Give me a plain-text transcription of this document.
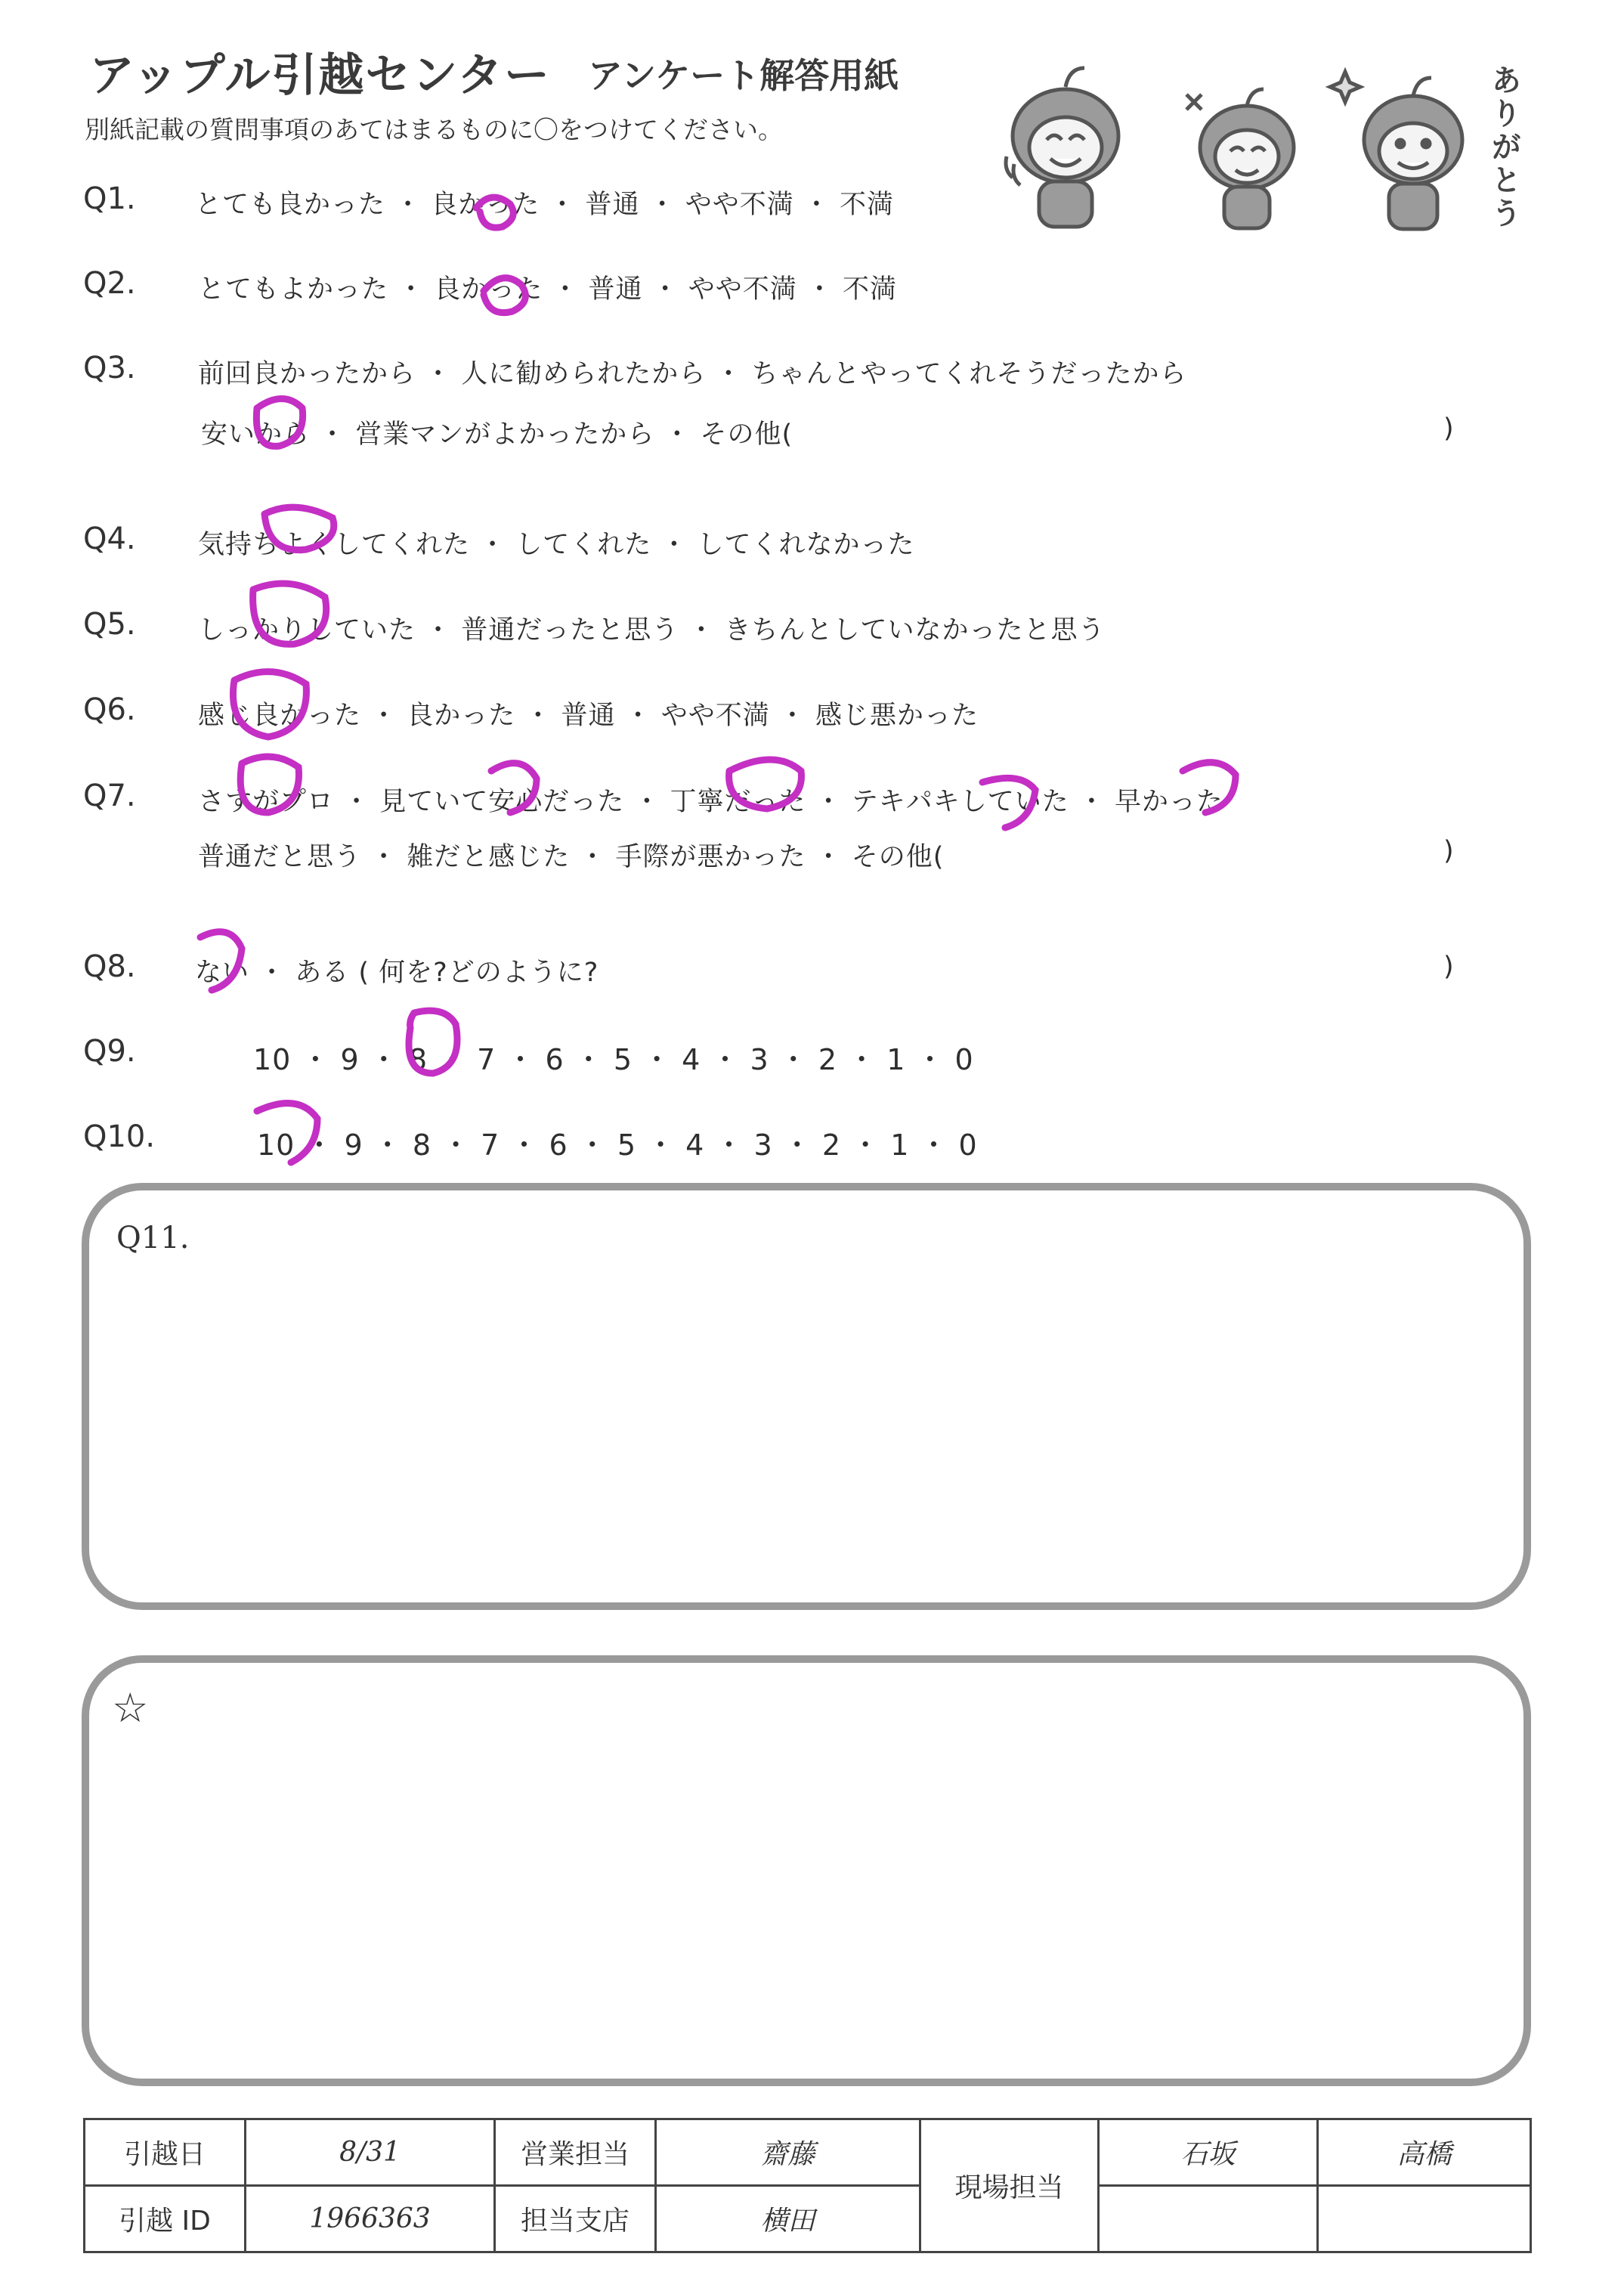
アップル引越センター アンケート解答用紙
別紙記載の質問事項のあてはまるものに〇をつけてください。	ありがとう
Q1. とても良かった ・ 良かった ・ 普通 ・ やや不満 ・ 不満
Q2. とてもよかった ・ 良かった ・ 普通 ・ やや不満 ・ 不満
Q3. 前回良かったから ・ 人に勧められたから ・ ちゃんとやってくれそうだったから
安いから ・ 営業マンがよかったから ・ その他(	)
Q4. 気持ちよくしてくれた ・ してくれた ・ してくれなかった
Q5. しっかりしていた ・ 普通だったと思う ・ きちんとしていなかったと思う
Q6. 感じ良かった ・ 良かった ・ 普通 ・ やや不満 ・ 感じ悪かった
Q7. さすがプロ ・ 見ていて安心だった ・ 丁寧だった ・ テキパキしていた ・ 早かった
普通だと思う ・ 雑だと感じた ・ 手際が悪かった ・ その他(	)
Q8. ない ・ ある ( 何を?どのように?	)
Q9.	10 ・ 9 ・ 8 ・ 7 ・ 6 ・ 5 ・ 4 ・ 3 ・ 2 ・ 1 ・ 0
Q10.	10 ・ 9 ・ 8 ・ 7 ・ 6 ・ 5 ・ 4 ・ 3 ・ 2 ・ 1 ・ 0
Q11.
☆
引越日	8/31	営業担当	齋藤	現場担当	石坂	高橋
引越 ID	1966363	担当支店	横田			
